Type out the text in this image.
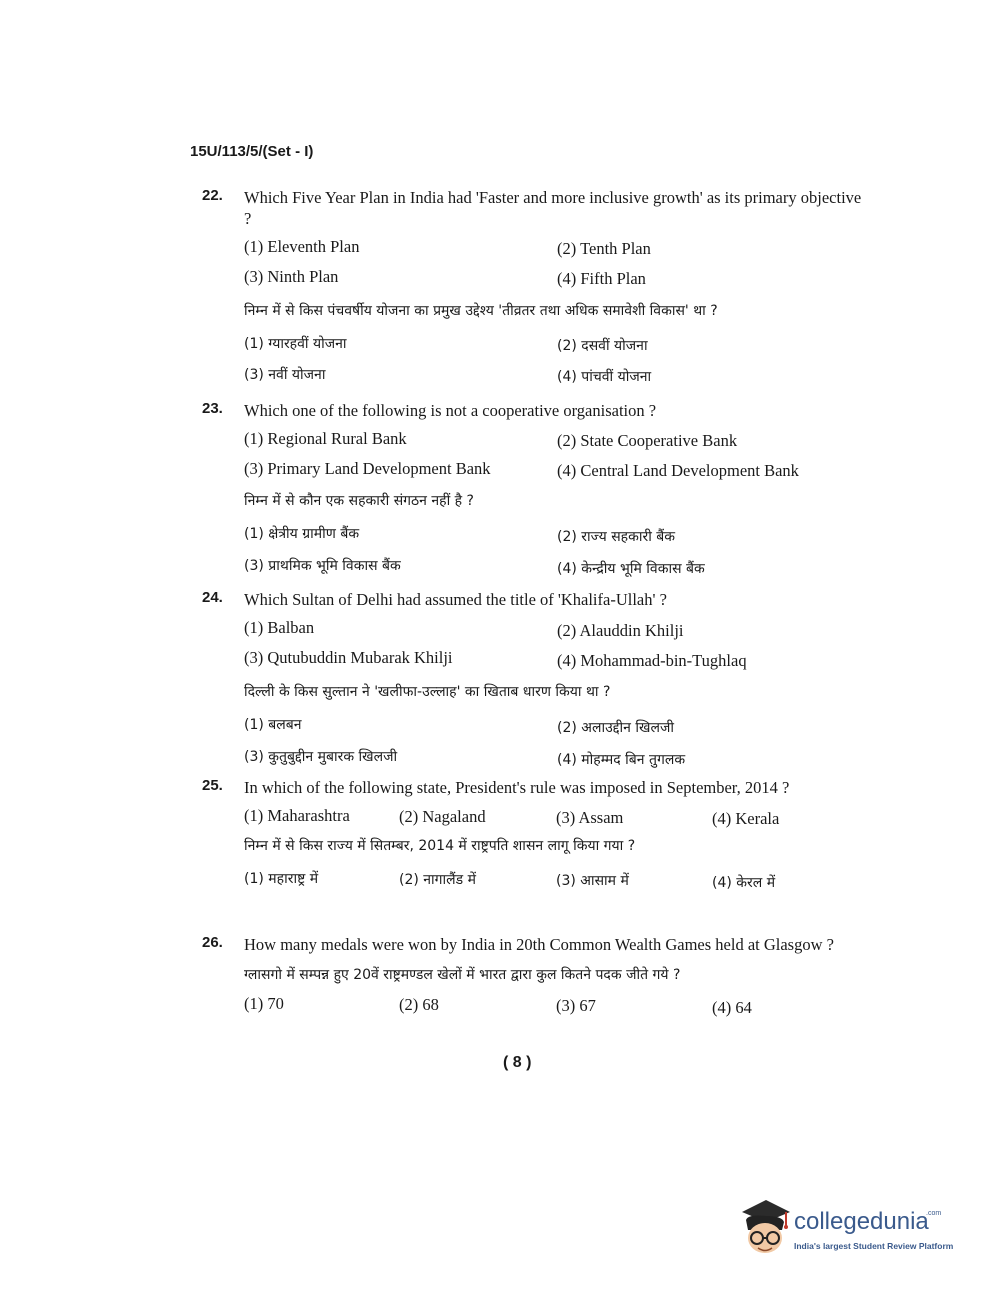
15U/113/5/(Set - I)
22. Which Five Year Plan in India had 'Faster and more inclusive growth' as its primary objective ?
(1) Eleventh Plan	(2) Tenth Plan
(3) Ninth Plan	(4) Fifth Plan
निम्न में से किस पंचवर्षीय योजना का प्रमुख उद्देश्य 'तीव्रतर तथा अधिक समावेशी विकास' था ?
(1) ग्यारहवीं योजना	(2) दसवीं योजना
(3) नवीं योजना	(4) पांचवीं योजना
23. Which one of the following is not a cooperative organisation ?
(1) Regional Rural Bank	(2) State Cooperative Bank
(3) Primary Land Development Bank	(4) Central Land Development Bank
निम्न में से कौन एक सहकारी संगठन नहीं है ?
(1) क्षेत्रीय ग्रामीण बैंक	(2) राज्य सहकारी बैंक
(3) प्राथमिक भूमि विकास बैंक	(4) केन्द्रीय भूमि विकास बैंक
24. Which Sultan of Delhi had assumed the title of 'Khalifa-Ullah' ?
(1) Balban	(2) Alauddin Khilji
(3) Qutubuddin Mubarak Khilji	(4) Mohammad-bin-Tughlaq
दिल्ली के किस सुल्तान ने 'खलीफा-उल्लाह' का खिताब धारण किया था ?
(1) बलबन	(2) अलाउद्दीन खिलजी
(3) कुतुबुद्दीन मुबारक खिलजी	(4) मोहम्मद बिन तुगलक
25. In which of the following state, President's rule was imposed in September, 2014 ?
(1) Maharashtra	(2) Nagaland	(3) Assam	(4) Kerala
निम्न में से किस राज्य में सितम्बर, 2014 में राष्ट्रपति शासन लागू किया गया ?
(1) महाराष्ट्र में	(2) नागालैंड में	(3) आसाम में	(4) केरल में
26. How many medals were won by India in 20th Common Wealth Games held at Glasgow ?
ग्लासगो में सम्पन्न हुए 20वें राष्ट्रमण्डल खेलों में भारत द्वारा कुल कितने पदक जीते गये ?
(1) 70	(2) 68	(3) 67	(4) 64
( 8 )
collegedunia
.com
India's largest Student Review Platform
